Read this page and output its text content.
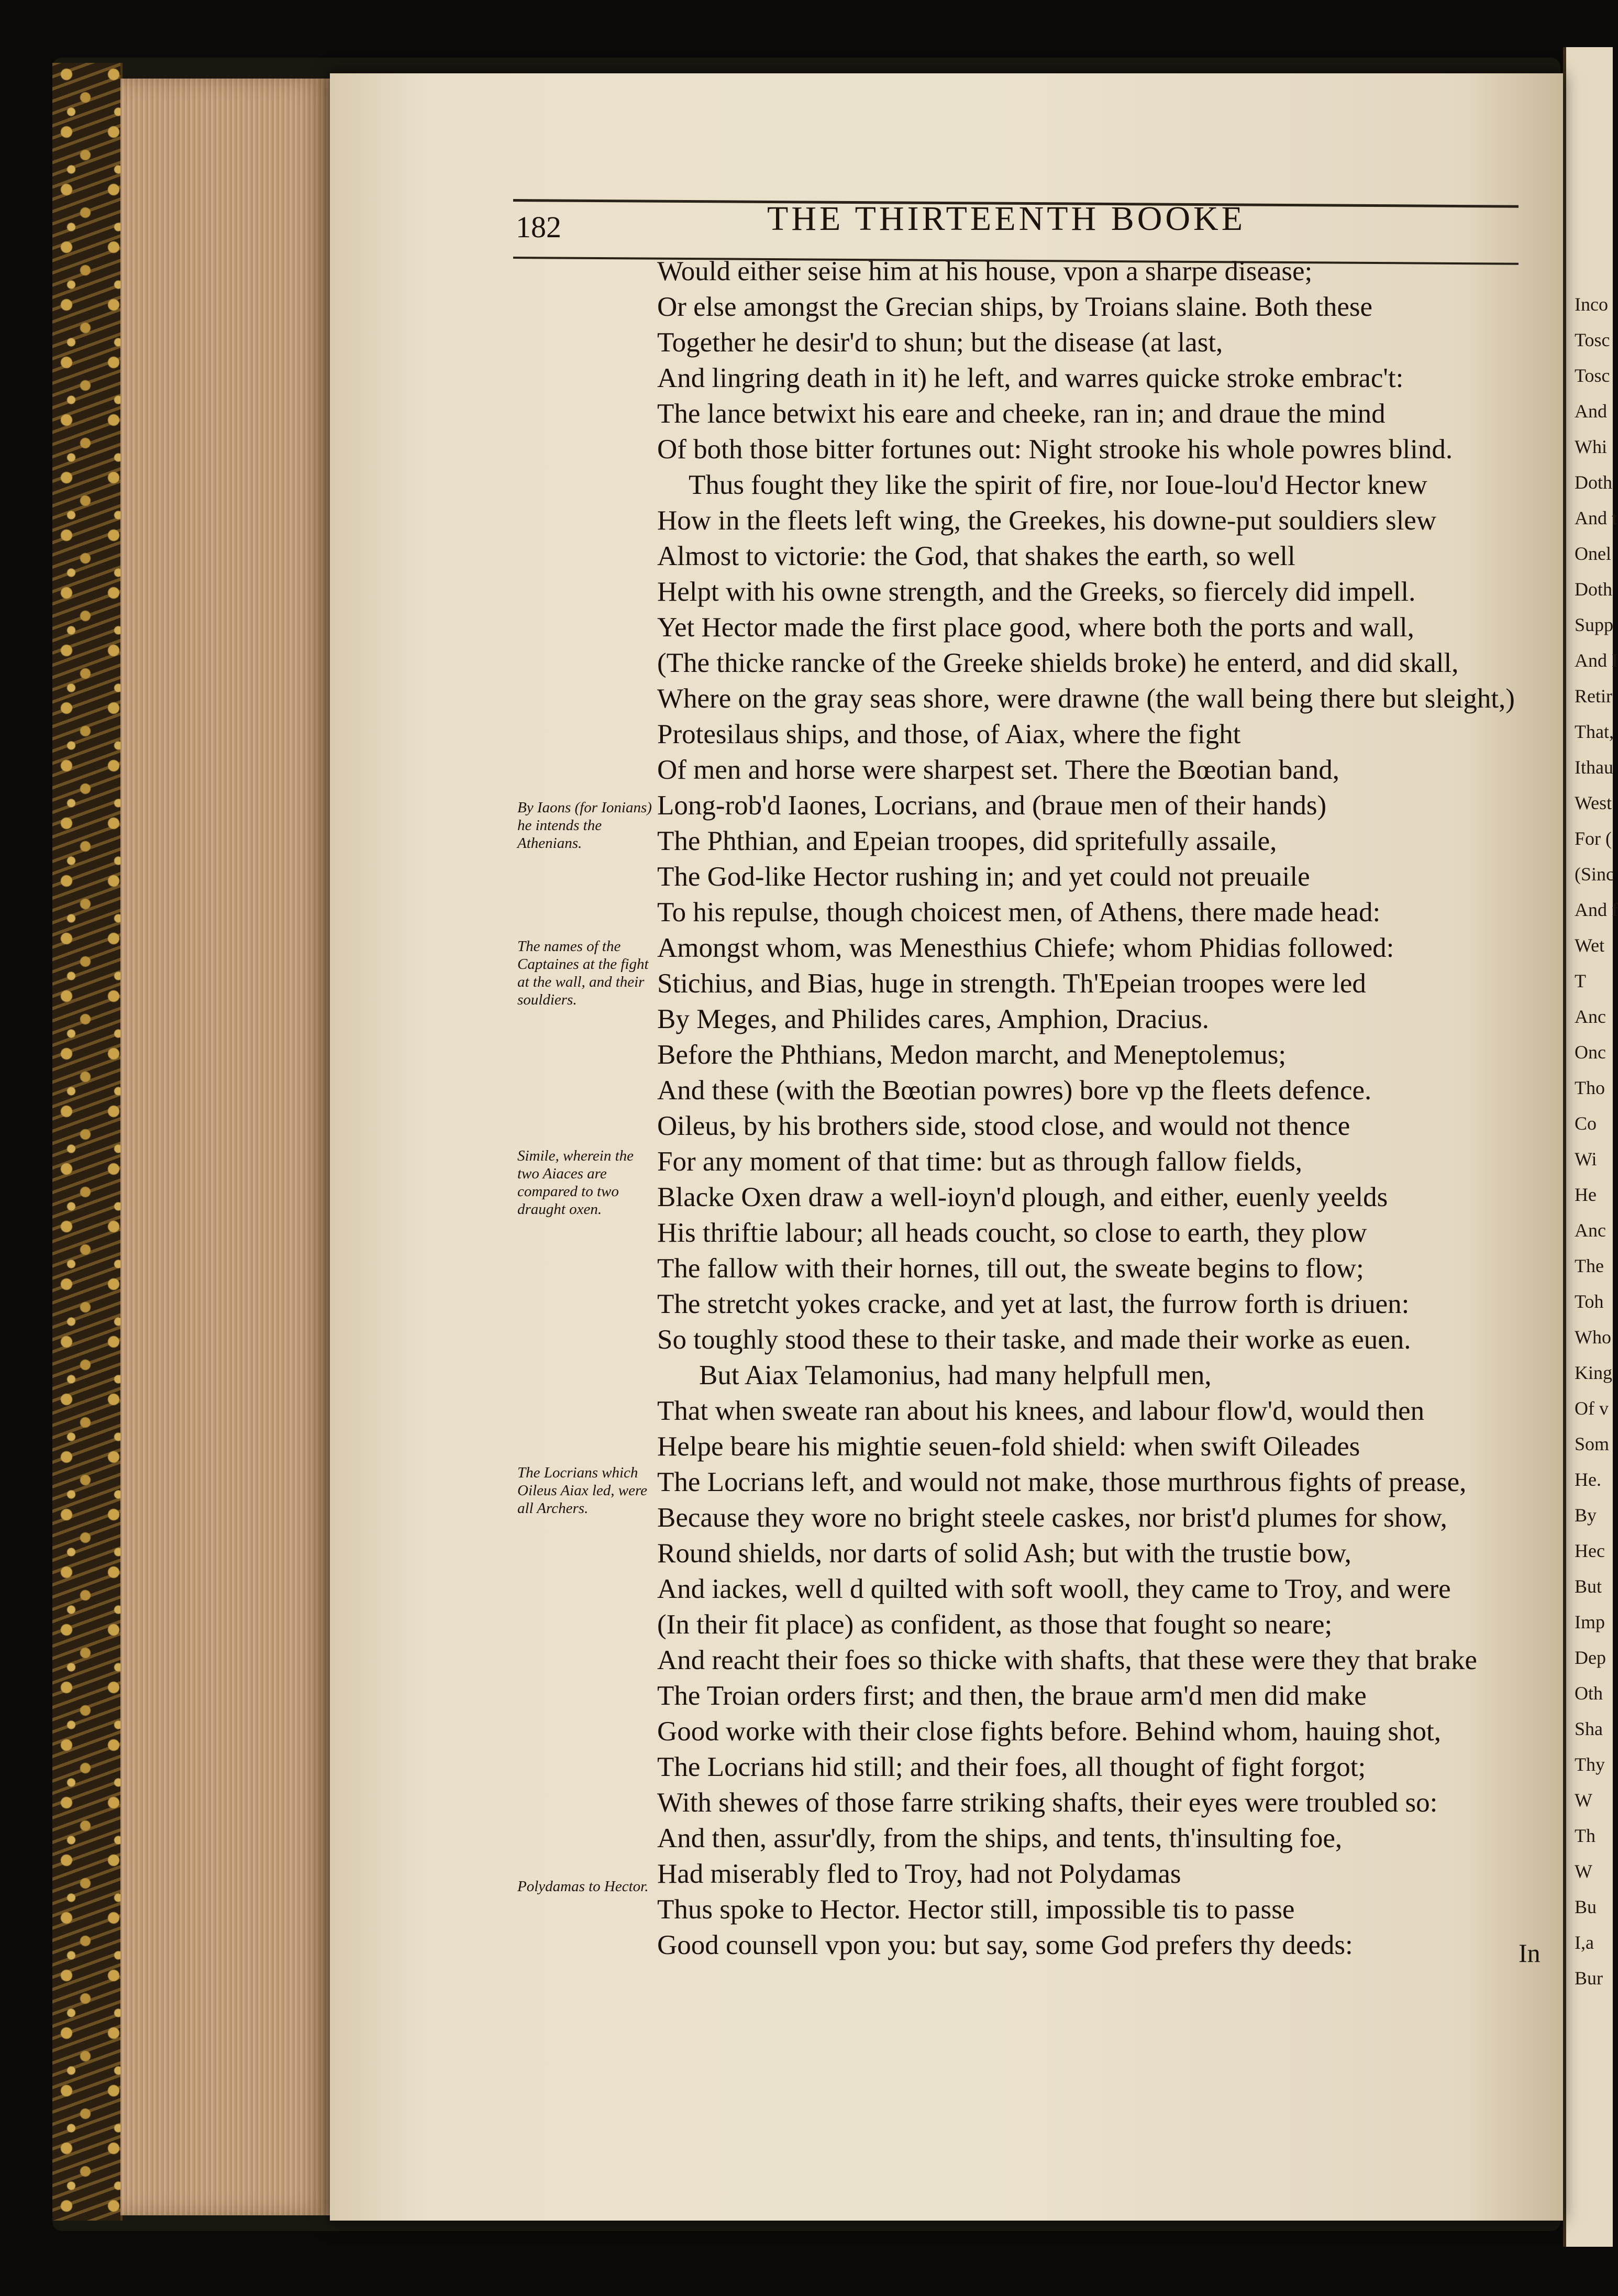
Inco
Tosc
Tosc
And
Whi
Doth
And t
Onel
Doth
Supp
And I
Retir
That,
Ithau
West
For (
(Sinc
And f
Wet
T
Anc
Onc
Tho
Co
Wi
He
Anc
The
Toh
Who
King
Of v
Som
He.
By
Hec
But
Imp
Dep
Oth
Sha
Thy
W
Th
W
Bu
I,a
Bur
182	THE THIRTEENTH BOOKE
Would either seise him at his house, vpon a sharpe disease;
Or else amongst the Grecian ships, by Troians slaine. Both these
Together he desir'd to shun; but the disease (at last,
And lingring death in it) he left, and warres quicke stroke embrac't:
The lance betwixt his eare and cheeke, ran in; and draue the mind
Of both those bitter fortunes out: Night strooke his whole powres blind.
Thus fought they like the spirit of fire, nor Ioue-lou'd Hector knew
How in the fleets left wing, the Greekes, his downe-put souldiers slew
Almost to victorie: the God, that shakes the earth, so well
Helpt with his owne strength, and the Greeks, so fiercely did impell.
Yet Hector made the first place good, where both the ports and wall,
(The thicke rancke of the Greeke shields broke) he enterd, and did skall,
Where on the gray seas shore, were drawne (the wall being there but sleight,)
Protesilaus ships, and those, of Aiax, where the fight
Of men and horse were sharpest set. There the Bœotian band,
Long-rob'd Iaones, Locrians, and (braue men of their hands)
The Phthian, and Epeian troopes, did spritefully assaile,
The God-like Hector rushing in; and yet could not preuaile
To his repulse, though choicest men, of Athens, there made head:
Amongst whom, was Menesthius Chiefe; whom Phidias followed:
Stichius, and Bias, huge in strength. Th'Epeian troopes were led
By Meges, and Philides cares, Amphion, Dracius.
Before the Phthians, Medon marcht, and Meneptolemus;
And these (with the Bœotian powres) bore vp the fleets defence.
Oileus, by his brothers side, stood close, and would not thence
For any moment of that time: but as through fallow fields,
Blacke Oxen draw a well-ioyn'd plough, and either, euenly yeelds
His thriftie labour; all heads coucht, so close to earth, they plow
The fallow with their hornes, till out, the sweate begins to flow;
The stretcht yokes cracke, and yet at last, the furrow forth is driuen:
So toughly stood these to their taske, and made their worke as euen.
But Aiax Telamonius, had many helpfull men,
That when sweate ran about his knees, and labour flow'd, would then
Helpe beare his mightie seuen-fold shield: when swift Oileades
The Locrians left, and would not make, those murthrous fights of prease,
Because they wore no bright steele caskes, nor brist'd plumes for show,
Round shields, nor darts of solid Ash; but with the trustie bow,
And iackes, well d quilted with soft wooll, they came to Troy, and were
(In their fit place) as confident, as those that fought so neare;
And reacht their foes so thicke with shafts, that these were they that brake
The Troian orders first; and then, the braue arm'd men did make
Good worke with their close fights before. Behind whom, hauing shot,
The Locrians hid still; and their foes, all thought of fight forgot;
With shewes of those farre striking shafts, their eyes were troubled so:
And then, assur'dly, from the ships, and tents, th'insulting foe,
Had miserably fled to Troy, had not Polydamas
Thus spoke to Hector. Hector still, impossible tis to passe
Good counsell vpon you: but say, some God prefers thy deeds:
By Iaons (for Ionians) he intends the Athenians.
The names of the Captaines at the fight at the wall, and their souldiers.
Simile, wherein the two Aiaces are compared to two draught oxen.
The Locrians which Oileus Aiax led, were all Archers.
Polydamas to Hector.
In
